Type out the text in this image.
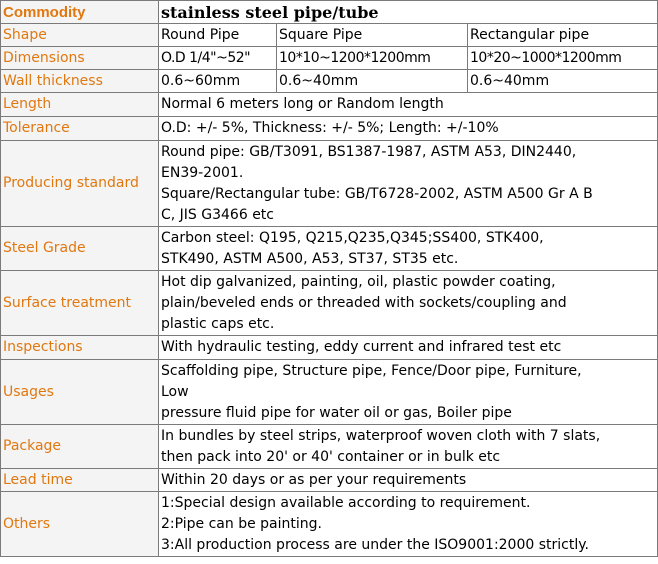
Commodity	stainless steel pipe/tube		
Shape	Round Pipe	Square Pipe	Rectangular pipe
Dimensions	O.D 1/4"~52"	10*10~1200*1200mm	10*20~1000*1200mm
Wall thickness	0.6~60mm	0.6~40mm	0.6~40mm
Length	Normal 6 meters long or Random length		
Tolerance	O.D: +/- 5%, Thickness: +/- 5%; Length: +/-10%		
Producing standard	Round pipe: GB/T3091, BS1387-1987, ASTM A53, DIN2440,
EN39-2001.
Square/Rectangular tube: GB/T6728-2002, ASTM A500 Gr A B
C, JIS G3466 etc		

Steel Grade	Carbon steel: Q195, Q215,Q235,Q345;SS400, STK400,
STK490, ASTM A500, A53, ST37, ST35 etc.		

Surface treatment	Hot dip galvanized, painting, oil, plastic powder coating,
plain/beveled ends or threaded with sockets/coupling and
plastic caps etc.		

Inspections	With hydraulic testing, eddy current and infrared test etc		
Usages	Scaffolding pipe, Structure pipe, Fence/Door pipe, Furniture,
Low
pressure fluid pipe for water oil or gas, Boiler pipe		

Package	In bundles by steel strips, waterproof woven cloth with 7 slats,
then pack into 20' or 40' container or in bulk etc		

Lead time	Within 20 days or as per your requirements		
Others	1:Special design available according to requirement.
2:Pipe can be painting.
3:All production process are under the ISO9001:2000 strictly.		
